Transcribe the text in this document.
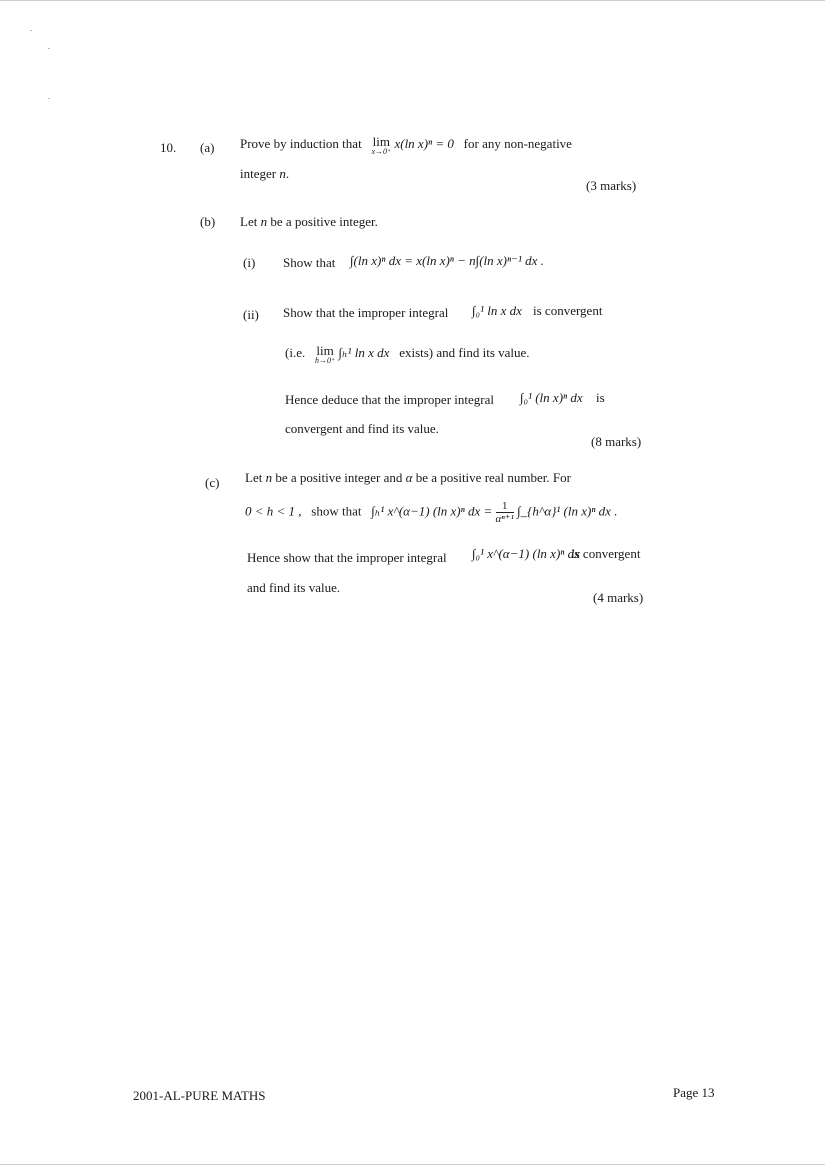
10. (a) Prove by induction that lim
x→0⁺
x(ln x)ⁿ = 0 for any non-negative
integer n.
(3 marks)
(b) Let n be a positive integer.
(i) Show that ∫(ln x)ⁿ dx = x(ln x)ⁿ − n∫(ln x)ⁿ⁻¹ dx .
(ii) Show that the improper integral ∫₀¹ ln x dx is convergent
(i.e. lim
h→0⁺
∫ₕ¹ ln x dx exists) and find its value.
Hence deduce that the improper integral ∫₀¹ (ln x)ⁿ dx is
convergent and find its value.
(8 marks)
(c) Let n be a positive integer and α be a positive real number. For
0 < h < 1 , show that ∫ₕ¹ x^(α−1) (ln x)ⁿ dx = $\frac{1}{\text{αⁿ⁺¹}}$ ∫_{h^α}¹ (ln x)ⁿ dx .
Hence show that the improper integral ∫₀¹ x^(α−1) (ln x)ⁿ dx
is convergent
and find its value.
(4 marks)
2001-AL-PURE MATHS	Page 13
